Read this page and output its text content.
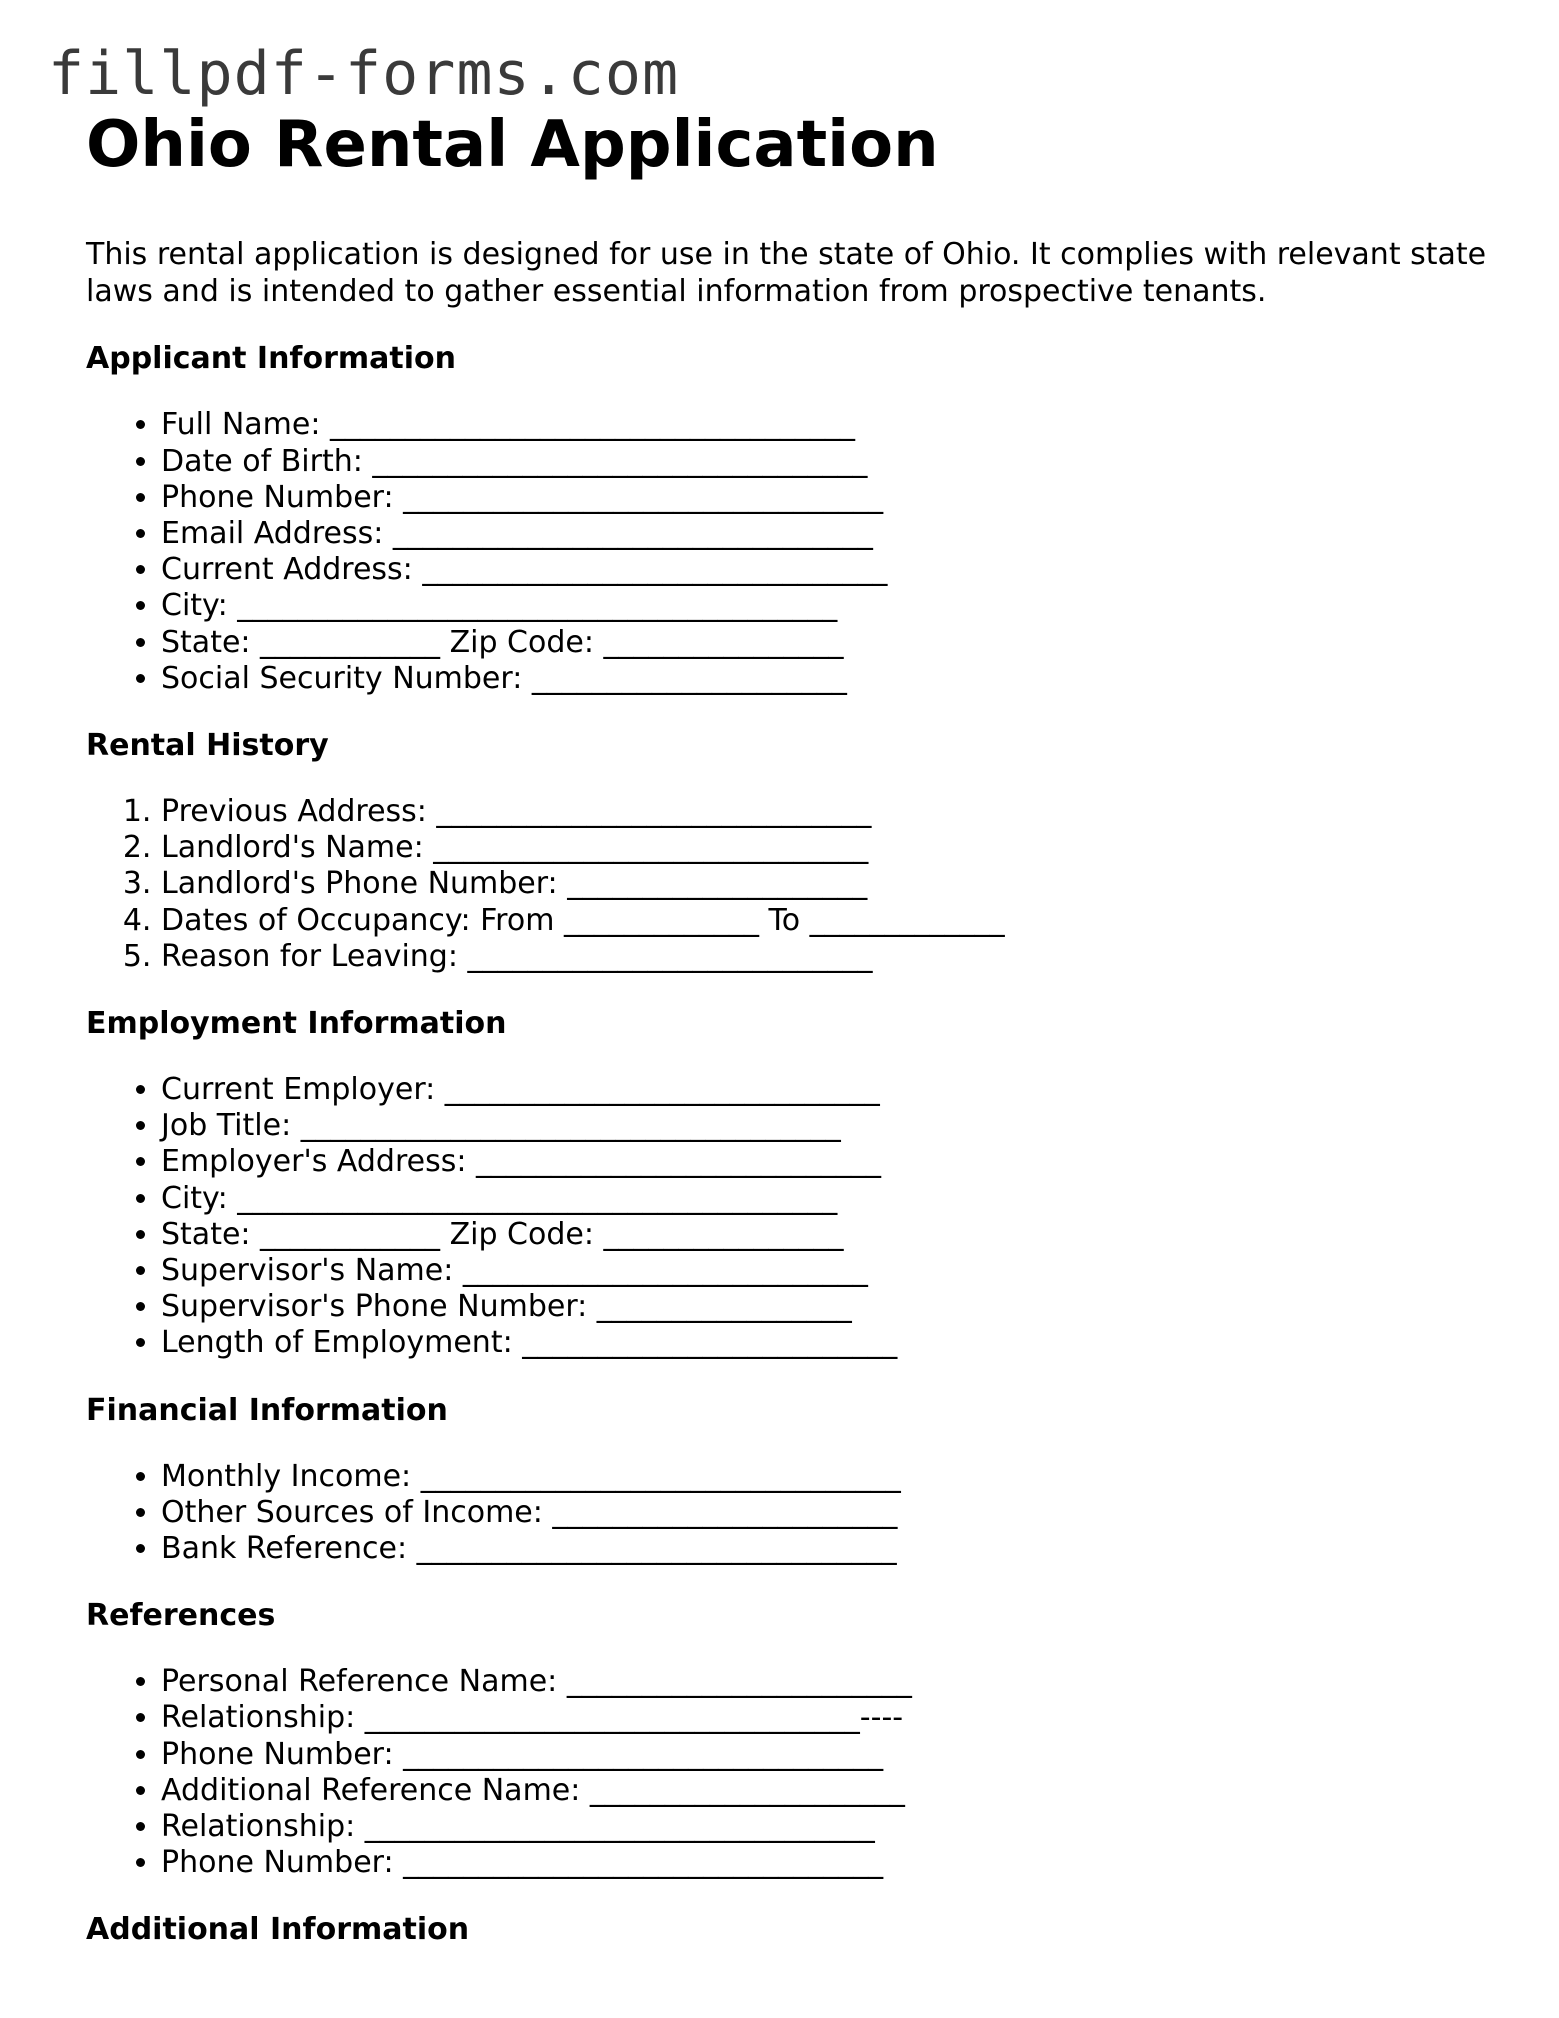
fillpdf-forms.com
Ohio Rental Application

This rental application is designed for use in the state of Ohio. It complies with relevant state laws and is intended to gather essential information from prospective tenants.

Applicant Information
• Full Name: ___________________________________
• Date of Birth: _________________________________
• Phone Number: ________________________________
• Email Address: ________________________________
• Current Address: _______________________________
• City: ________________________________________
• State: ____________ Zip Code: ________________
• Social Security Number: _____________________
Rental History
1. Previous Address: _____________________________
2. Landlord's Name: _____________________________
3. Landlord's Phone Number: ____________________
4. Dates of Occupancy: From _____________ To _____________
5. Reason for Leaving: ___________________________
Employment Information
• Current Employer: _____________________________
• Job Title: ____________________________________
• Employer's Address: ___________________________
• City: ________________________________________
• State: ____________ Zip Code: ________________
• Supervisor's Name: ___________________________
• Supervisor's Phone Number: _________________
• Length of Employment: _________________________
Financial Information
• Monthly Income: ________________________________
• Other Sources of Income: _______________________
• Bank Reference: ________________________________
References
• Personal Reference Name: _______________________
• Relationship: _________________________________----
• Phone Number: ________________________________
• Additional Reference Name: _____________________
• Relationship: __________________________________
• Phone Number: ________________________________
Additional Information
